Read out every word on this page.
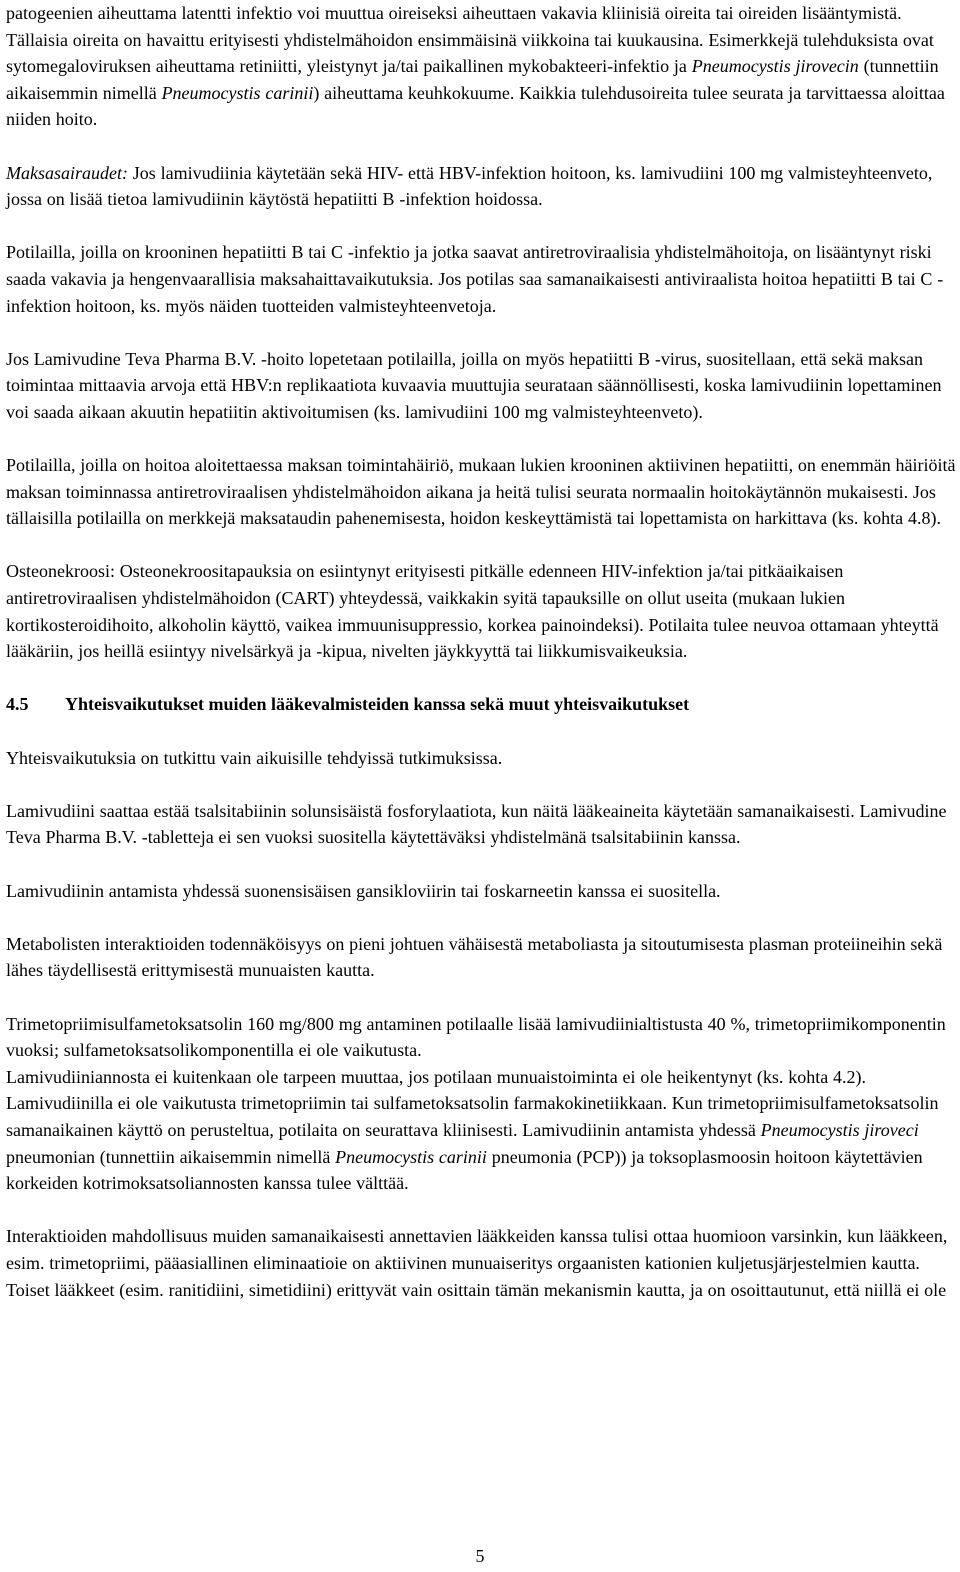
patogeenien aiheuttama latentti infektio voi muuttua oireiseksi aiheuttaen vakavia kliinisiä oireita tai oireiden lisääntymistä. Tällaisia oireita on havaittu erityisesti yhdistelmähoidon ensimmäisinä viikkoina tai kuukausina. Esimerkkejä tulehduksista ovat sytomegaloviruksen aiheuttama retiniitti, yleistynyt ja/tai paikallinen mykobakteeri-infektio ja Pneumocystis jirovecin (tunnettiin aikaisemmin nimellä Pneumocystis carinii) aiheuttama keuhkokuume. Kaikkia tulehdusoireita tulee seurata ja tarvittaessa aloittaa niiden hoito.

Maksasairaudet: Jos lamivudiinia käytetään sekä HIV- että HBV-infektion hoitoon, ks. lamivudiini 100 mg valmisteyhteenveto, jossa on lisää tietoa lamivudiinin käytöstä hepatiitti B -infektion hoidossa.

Potilailla, joilla on krooninen hepatiitti B tai C -infektio ja jotka saavat antiretroviraalisia yhdistelmähoitoja, on lisääntynyt riski saada vakavia ja hengenvaarallisia maksahaittavaikutuksia. Jos potilas saa samanaikaisesti antiviraalista hoitoa hepatiitti B tai C -infektion hoitoon, ks. myös näiden tuotteiden valmisteyhteenvetoja.

Jos Lamivudine Teva Pharma B.V. -hoito lopetetaan potilailla, joilla on myös hepatiitti B -virus, suositellaan, että sekä maksan toimintaa mittaavia arvoja että HBV:n replikaatiota kuvaavia muuttujia seurataan säännöllisesti, koska lamivudiinin lopettaminen voi saada aikaan akuutin hepatiitin aktivoitumisen (ks. lamivudiini 100 mg valmisteyhteenveto).

Potilailla, joilla on hoitoa aloitettaessa maksan toimintahäiriö, mukaan lukien krooninen aktiivinen hepatiitti, on enemmän häiriöitä maksan toiminnassa antiretroviraalisen yhdistelmähoidon aikana ja heitä tulisi seurata normaalin hoitokäytännön mukaisesti. Jos tällaisilla potilailla on merkkejä maksataudin pahenemisesta, hoidon keskeyttämistä tai lopettamista on harkittava (ks. kohta 4.8).

Osteonekroosi: Osteonekroositapauksia on esiintynyt erityisesti pitkälle edenneen HIV-infektion ja/tai pitkäaikaisen antiretroviraalisen yhdistelmähoidon (CART) yhteydessä, vaikkakin syitä tapauksille on ollut useita (mukaan lukien kortikosteroidihoito, alkoholin käyttö, vaikea immuunisuppressio, korkea painoindeksi). Potilaita tulee neuvoa ottamaan yhteyttä lääkäriin, jos heillä esiintyy nivelsärkyä ja -kipua, nivelten jäykkyyttä tai liikkumisvaikeuksia.

4.5 Yhteisvaikutukset muiden lääkevalmisteiden kanssa sekä muut yhteisvaikutukset

Yhteisvaikutuksia on tutkittu vain aikuisille tehdyissä tutkimuksissa.

Lamivudiini saattaa estää tsalsitabiinin solunsisäistä fosforylaatiota, kun näitä lääkeaineita käytetään samanaikaisesti. Lamivudine Teva Pharma B.V. -tabletteja ei sen vuoksi suositella käytettäväksi yhdistelmänä tsalsitabiinin kanssa.

Lamivudiinin antamista yhdessä suonensisäisen gansikloviirin tai foskarneetin kanssa ei suositella.

Metabolisten interaktioiden todennäköisyys on pieni johtuen vähäisestä metaboliasta ja sitoutumisesta plasman proteiineihin sekä lähes täydellisestä erittymisestä munuaisten kautta.

Trimetopriimisulfametoksatsolin 160 mg/800 mg antaminen potilaalle lisää lamivudiinialtistusta 40 %, trimetopriimikomponentin vuoksi; sulfametoksatsolikomponentilla ei ole vaikutusta.

Lamivudiiniannosta ei kuitenkaan ole tarpeen muuttaa, jos potilaan munuaistoiminta ei ole heikentynyt (ks. kohta 4.2). Lamivudiinilla ei ole vaikutusta trimetopriimin tai sulfametoksatsolin farmakokinetiikkaan. Kun trimetopriimisulfametoksatsolin samanaikainen käyttö on perusteltua, potilaita on seurattava kliinisesti. Lamivudiinin antamista yhdessä Pneumocystis jiroveci pneumonian (tunnettiin aikaisemmin nimellä Pneumocystis carinii pneumonia (PCP)) ja toksoplasmoosin hoitoon käytettävien korkeiden kotrimoksatsoliannosten kanssa tulee välttää.

Interaktioiden mahdollisuus muiden samanaikaisesti annettavien lääkkeiden kanssa tulisi ottaa huomioon varsinkin, kun lääkkeen, esim. trimetopriimi, pääasiallinen eliminaatioie on aktiivinen munuaiseritys orgaanisten kationien kuljetusjärjestelmien kautta. Toiset lääkkeet (esim. ranitidiini, simetidiini) erittyvät vain osittain tämän mekanismin kautta, ja on osoittautunut, että niillä ei ole

5
